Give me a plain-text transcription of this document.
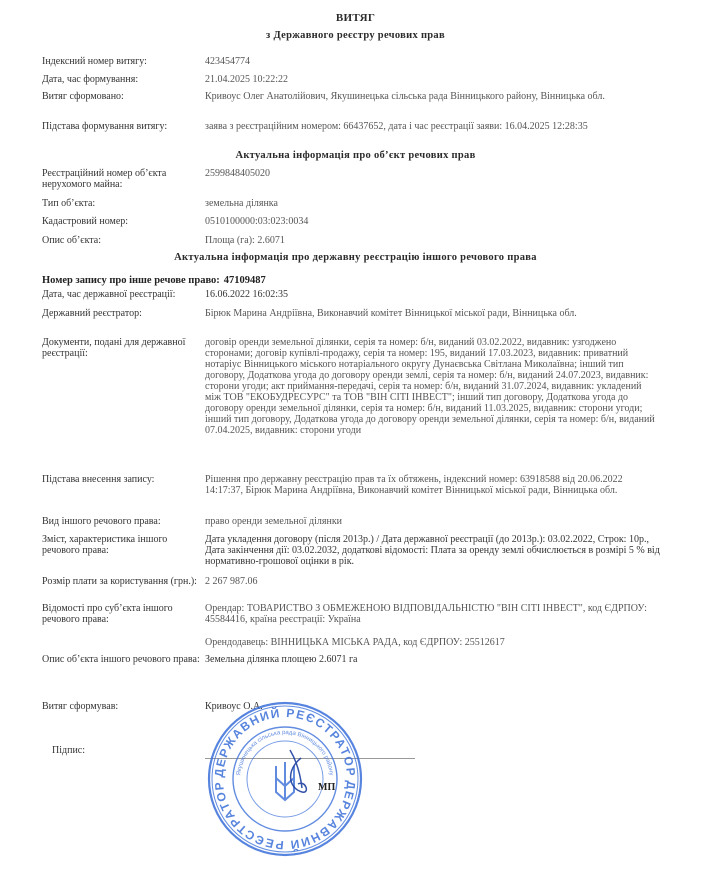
ВИТЯГ
з Державного реєстру речових прав
Індексний номер витягу:	423454774
Дата, час формування:	21.04.2025 10:22:22
Витяг сформовано:	Кривоус Олег Анатолійович, Якушинецька сільська рада Вінницького району, Вінницька обл.
Підстава формування витягу:	заява з реєстраційним номером: 66437652, дата і час реєстрації заяви: 16.04.2025 12:28:35
Актуальна інформація про об’єкт речових прав
Реєстраційний номер об’єкта нерухомого майна:
2599848405020
Тип об’єкта:	земельна ділянка
Кадастровий номер:	0510100000:03:023:0034
Опис об’єкта:	Площа (га): 2.6071
Актуальна інформація про державну реєстрацію іншого речового права
Номер запису про інше речове право: 47109487
Дата, час державної реєстрації:	16.06.2022 16:02:35
Державний реєстратор:	Бірюк Марина Андріївна, Виконавчий комітет Вінницької міської ради, Вінницька обл.
Документи, подані для державної реєстрації:
договір оренди земельної ділянки, серія та номер: б/н, виданий 03.02.2022, видавник: узгоджено сторонами; договір купівлі-продажу, серія та номер: 195, виданий 17.03.2023, видавник: приватний нотаріус Вінницького міського нотаріального округу Дунаєвська Світлана Миколаївна; інший тип договору, Додаткова угода до договору оренди землі, серія та номер: б/н, виданий 24.07.2023, видавник: сторони угоди; акт приймання-передачі, серія та номер: б/н, виданий 31.07.2024, видавник: укладений між ТОВ "ЕКОБУДРЕСУРС" та ТОВ "ВІН СІТІ ІНВЕСТ"; інший тип договору, Додаткова угода до договору оренди земельної ділянки, серія та номер: б/н, виданий 11.03.2025, видавник: сторони угоди; інший тип договору, Додаткова угода до договору оренди земельної ділянки, серія та номер: б/н, виданий 07.04.2025, видавник: сторони угоди
Підстава внесення запису:	Рішення про державну реєстрацію прав та їх обтяжень, індексний номер: 63918588 від 20.06.2022 14:17:37, Бірюк Марина Андріївна, Виконавчий комітет Вінницької міської ради, Вінницька обл.
Вид іншого речового права:	право оренди земельної ділянки
Зміст, характеристика іншого речового права:
Дата укладення договору (після 2013р.) / Дата державної реєстрації (до 2013р.): 03.02.2022, Строк: 10р., Дата закінчення дії: 03.02.2032, додаткові відомості: Плата за оренду землі обчислюється в розмірі 5 % від нормативно-грошової оцінки в рік.
Розмір плати за користування (грн.): 2 267 987.06
Відомості про суб’єкта іншого речового права:
Орендар: ТОВАРИСТВО З ОБМЕЖЕНОЮ ВІДПОВІДАЛЬНІСТЮ "ВІН СІТІ ІНВЕСТ", код ЄДРПОУ: 45584416, країна реєстрації: Україна
Орендодавець: ВІННИЦЬКА МІСЬКА РАДА, код ЄДРПОУ: 25512617
Опис об’єкта іншого речового права: Земельна ділянка площею 2.6071 га
Витяг сформував:	Кривоус О.А.
Підпис:
ДЕРЖАВНИЙ РЕЄСТРАТОР
ДЕРЖАВНИЙ РЕЄСТРАТОР
Якушинецька сільська рада Вінницького району
МП
